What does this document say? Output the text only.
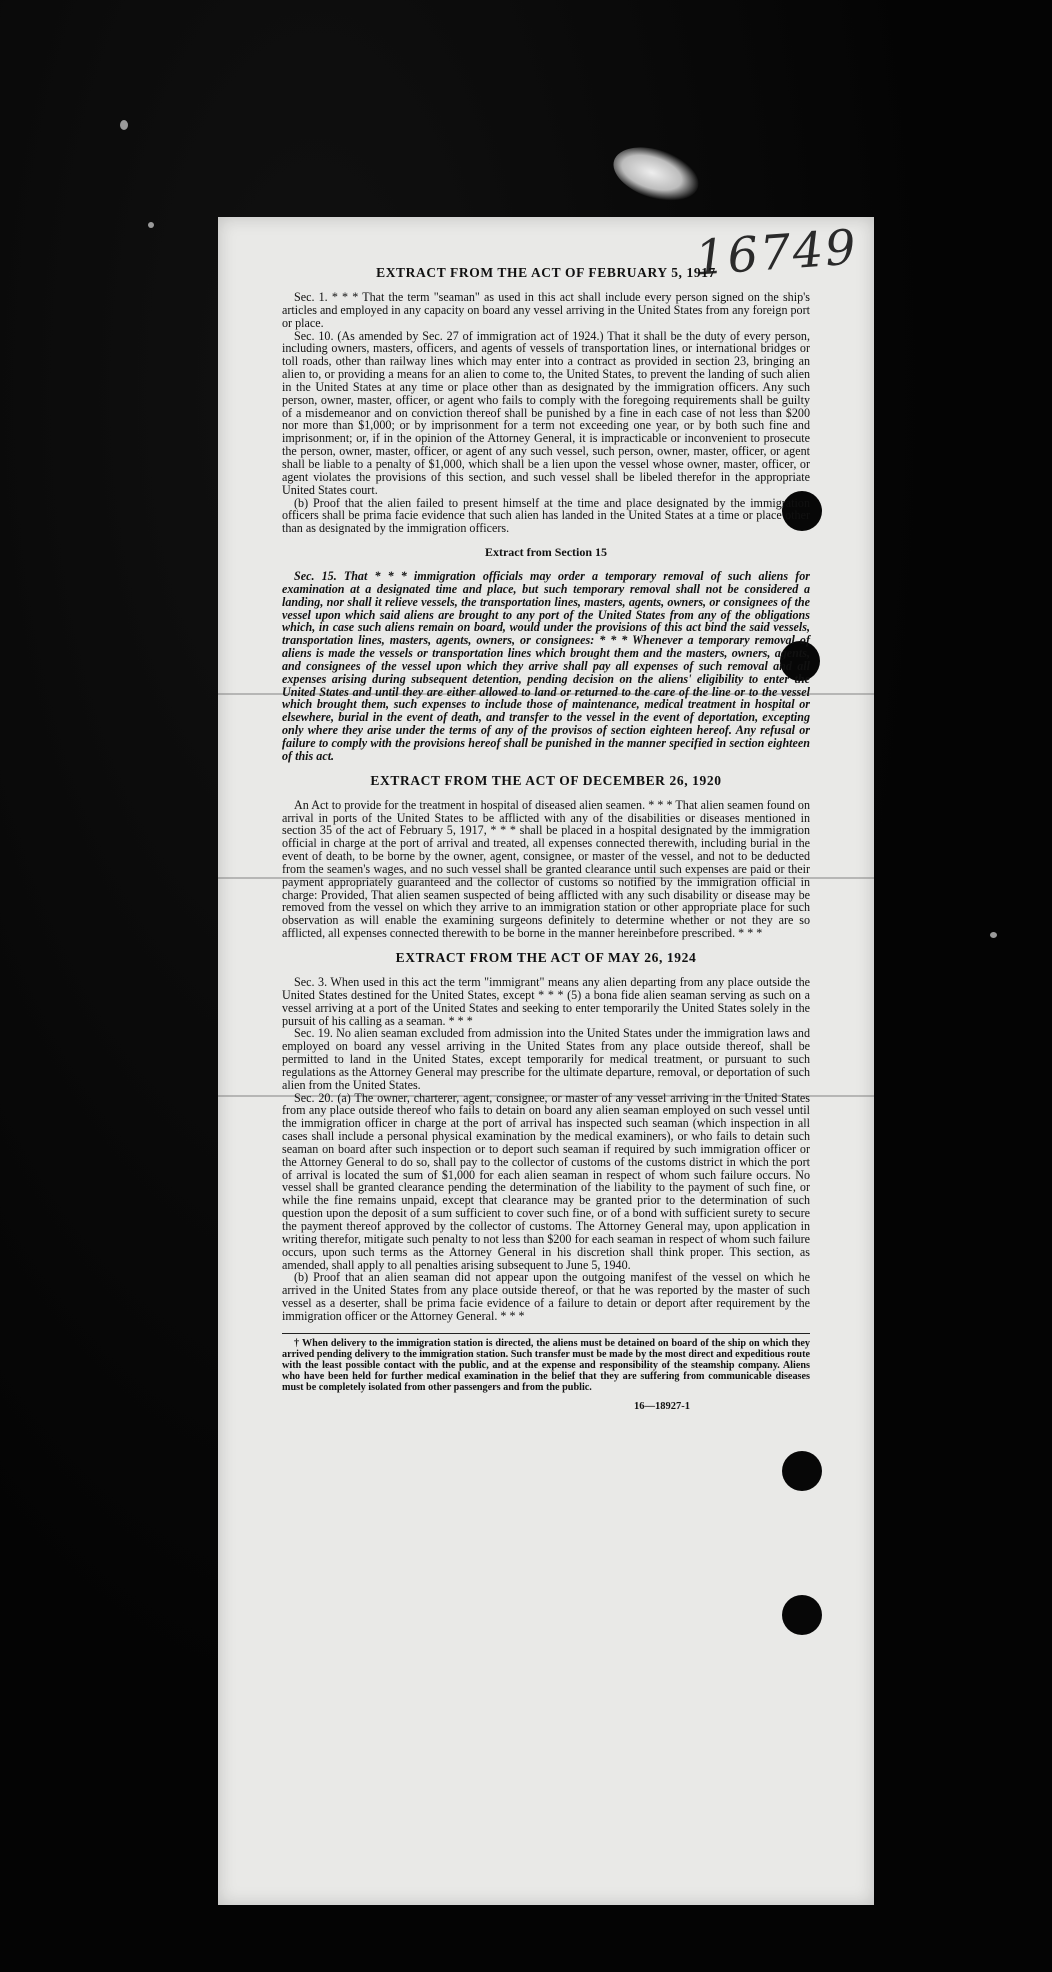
16749
EXTRACT FROM THE ACT OF FEBRUARY 5, 1917

Sec. 1. * * * That the term "seaman" as used in this act shall include every person signed on the ship's articles and employed in any capacity on board any vessel arriving in the United States from any foreign port or place.

Sec. 10. (As amended by Sec. 27 of immigration act of 1924.) That it shall be the duty of every person, including owners, masters, officers, and agents of vessels of transportation lines, or international bridges or toll roads, other than railway lines which may enter into a contract as provided in section 23, bringing an alien to, or providing a means for an alien to come to, the United States, to prevent the landing of such alien in the United States at any time or place other than as designated by the immigration officers. Any such person, owner, master, officer, or agent who fails to comply with the foregoing requirements shall be guilty of a misdemeanor and on conviction thereof shall be punished by a fine in each case of not less than $200 nor more than $1,000; or by imprisonment for a term not exceeding one year, or by both such fine and imprisonment; or, if in the opinion of the Attorney General, it is impracticable or inconvenient to prosecute the person, owner, master, officer, or agent of any such vessel, such person, owner, master, officer, or agent shall be liable to a penalty of $1,000, which shall be a lien upon the vessel whose owner, master, officer, or agent violates the provisions of this section, and such vessel shall be libeled therefor in the appropriate United States court.

(b) Proof that the alien failed to present himself at the time and place designated by the immigration officers shall be prima facie evidence that such alien has landed in the United States at a time or place other than as designated by the immigration officers.

Extract from Section 15

Sec. 15. That * * * immigration officials may order a temporary removal of such aliens for examination at a designated time and place, but such temporary removal shall not be considered a landing, nor shall it relieve vessels, the transportation lines, masters, agents, owners, or consignees of the vessel upon which said aliens are brought to any port of the United States from any of the obligations which, in case such aliens remain on board, would under the provisions of this act bind the said vessels, transportation lines, masters, agents, owners, or consignees: * * * Whenever a temporary removal of aliens is made the vessels or transportation lines which brought them and the masters, owners, agents, and consignees of the vessel upon which they arrive shall pay all expenses of such removal and all expenses arising during subsequent detention, pending decision on the aliens' eligibility to enter the United States and until they are either allowed to land or returned to the care of the line or to the vessel which brought them, such expenses to include those of maintenance, medical treatment in hospital or elsewhere, burial in the event of death, and transfer to the vessel in the event of deportation, excepting only where they arise under the terms of any of the provisos of section eighteen hereof. Any refusal or failure to comply with the provisions hereof shall be punished in the manner specified in section eighteen of this act.

EXTRACT FROM THE ACT OF DECEMBER 26, 1920

An Act to provide for the treatment in hospital of diseased alien seamen. * * * That alien seamen found on arrival in ports of the United States to be afflicted with any of the disabilities or diseases mentioned in section 35 of the act of February 5, 1917, * * * shall be placed in a hospital designated by the immigration official in charge at the port of arrival and treated, all expenses connected therewith, including burial in the event of death, to be borne by the owner, agent, consignee, or master of the vessel, and not to be deducted from the seamen's wages, and no such vessel shall be granted clearance until such expenses are paid or their payment appropriately guaranteed and the collector of customs so notified by the immigration official in charge: Provided, That alien seamen suspected of being afflicted with any such disability or disease may be removed from the vessel on which they arrive to an immigration station or other appropriate place for such observation as will enable the examining surgeons definitely to determine whether or not they are so afflicted, all expenses connected therewith to be borne in the manner hereinbefore prescribed. * * *

EXTRACT FROM THE ACT OF MAY 26, 1924

Sec. 3. When used in this act the term "immigrant" means any alien departing from any place outside the United States destined for the United States, except * * * (5) a bona fide alien seaman serving as such on a vessel arriving at a port of the United States and seeking to enter temporarily the United States solely in the pursuit of his calling as a seaman. * * *

Sec. 19. No alien seaman excluded from admission into the United States under the immigration laws and employed on board any vessel arriving in the United States from any place outside thereof, shall be permitted to land in the United States, except temporarily for medical treatment, or pursuant to such regulations as the Attorney General may prescribe for the ultimate departure, removal, or deportation of such alien from the United States.

Sec. 20. (a) The owner, charterer, agent, consignee, or master of any vessel arriving in the United States from any place outside thereof who fails to detain on board any alien seaman employed on such vessel until the immigration officer in charge at the port of arrival has inspected such seaman (which inspection in all cases shall include a personal physical examination by the medical examiners), or who fails to detain such seaman on board after such inspection or to deport such seaman if required by such immigration officer or the Attorney General to do so, shall pay to the collector of customs of the customs district in which the port of arrival is located the sum of $1,000 for each alien seaman in respect of whom such failure occurs. No vessel shall be granted clearance pending the determination of the liability to the payment of such fine, or while the fine remains unpaid, except that clearance may be granted prior to the determination of such question upon the deposit of a sum sufficient to cover such fine, or of a bond with sufficient surety to secure the payment thereof approved by the collector of customs. The Attorney General may, upon application in writing therefor, mitigate such penalty to not less than $200 for each seaman in respect of whom such failure occurs, upon such terms as the Attorney General in his discretion shall think proper. This section, as amended, shall apply to all penalties arising subsequent to June 5, 1940.

(b) Proof that an alien seaman did not appear upon the outgoing manifest of the vessel on which he arrived in the United States from any place outside thereof, or that he was reported by the master of such vessel as a deserter, shall be prima facie evidence of a failure to detain or deport after requirement by the immigration officer or the Attorney General. * * *

† When delivery to the immigration station is directed, the aliens must be detained on board of the ship on which they arrived pending delivery to the immigration station. Such transfer must be made by the most direct and expeditious route with the least possible contact with the public, and at the expense and responsibility of the steamship company. Aliens who have been held for further medical examination in the belief that they are suffering from communicable diseases must be completely isolated from other passengers and from the public.

16—18927-1
